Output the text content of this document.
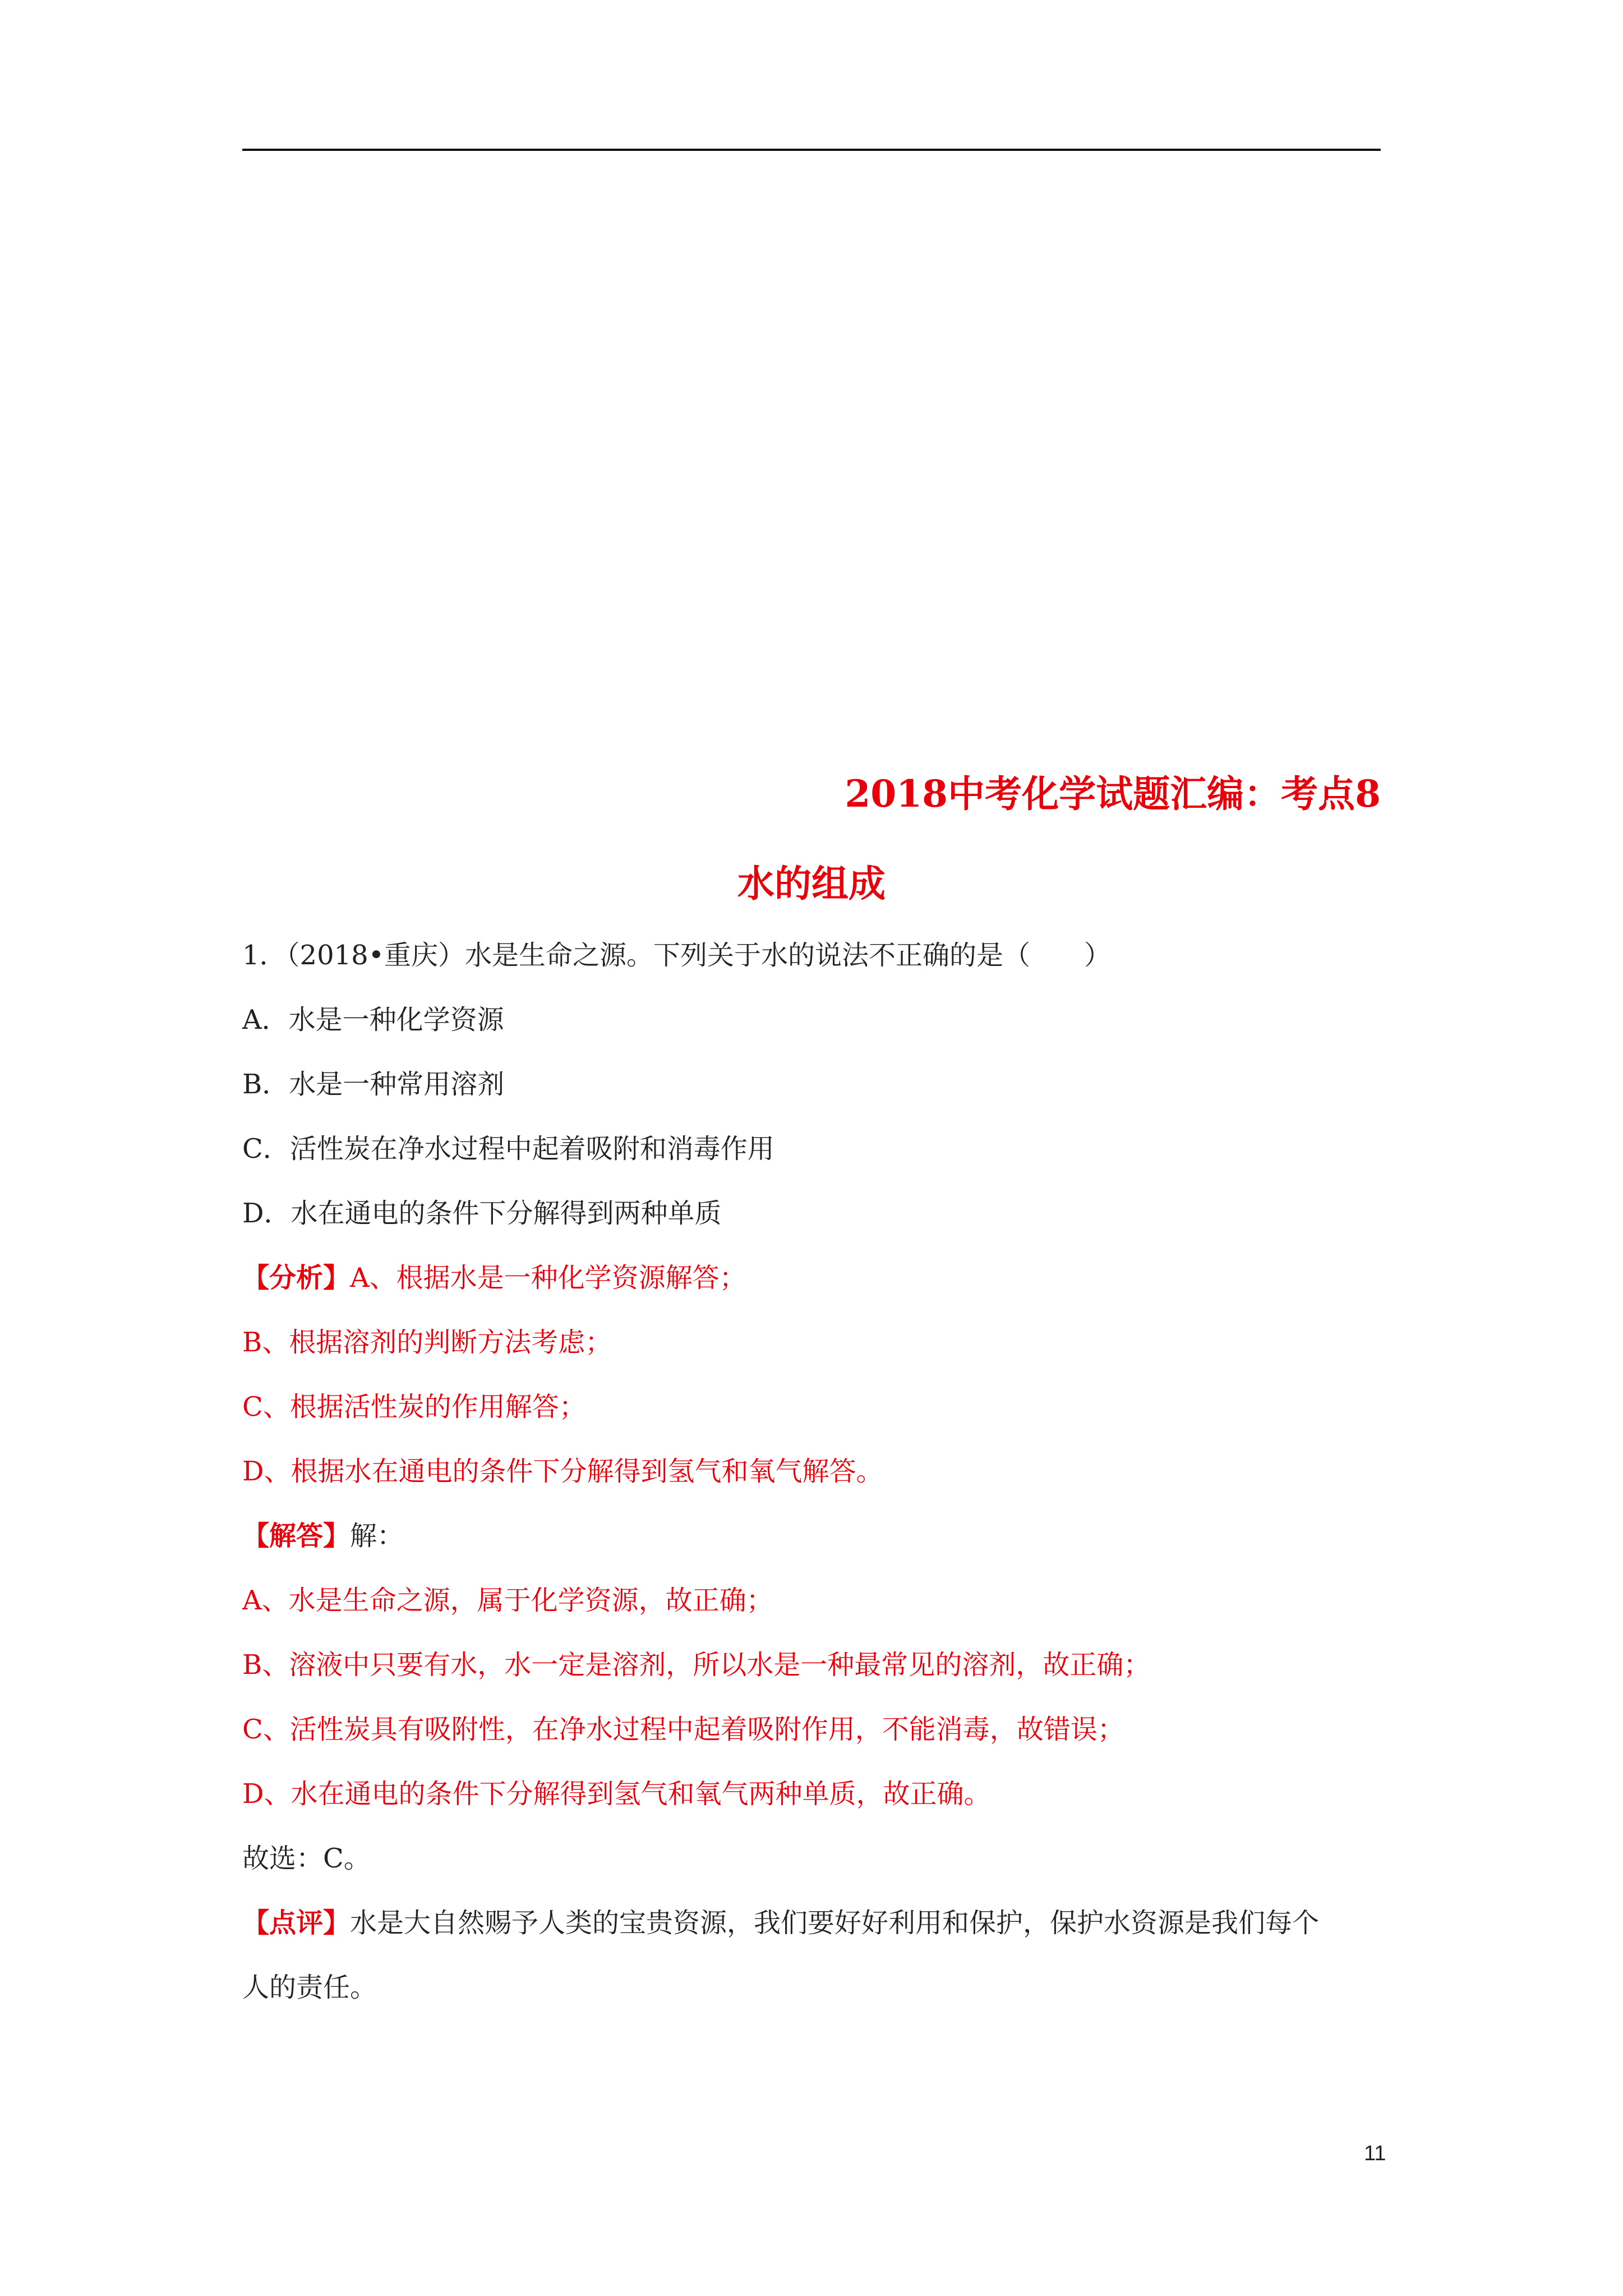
2018中考化学试题汇编：考点8
水的组成
1．（2018•重庆）水是生命之源。下列关于水的说法不正确的是（　　）
A．水是一种化学资源
B．水是一种常用溶剂
C．活性炭在净水过程中起着吸附和消毒作用
D．水在通电的条件下分解得到两种单质
【分析】A、根据水是一种化学资源解答；
B、根据溶剂的判断方法考虑；
C、根据活性炭的作用解答；
D、根据水在通电的条件下分解得到氢气和氧气解答。
【解答】解：
A、水是生命之源，属于化学资源，故正确；
B、溶液中只要有水，水一定是溶剂，所以水是一种最常见的溶剂，故正确；
C、活性炭具有吸附性，在净水过程中起着吸附作用，不能消毒，故错误；
D、水在通电的条件下分解得到氢气和氧气两种单质，故正确。
故选：C。
【点评】水是大自然赐予人类的宝贵资源，我们要好好利用和保护，保护水资源是我们每个
人的责任。
11
